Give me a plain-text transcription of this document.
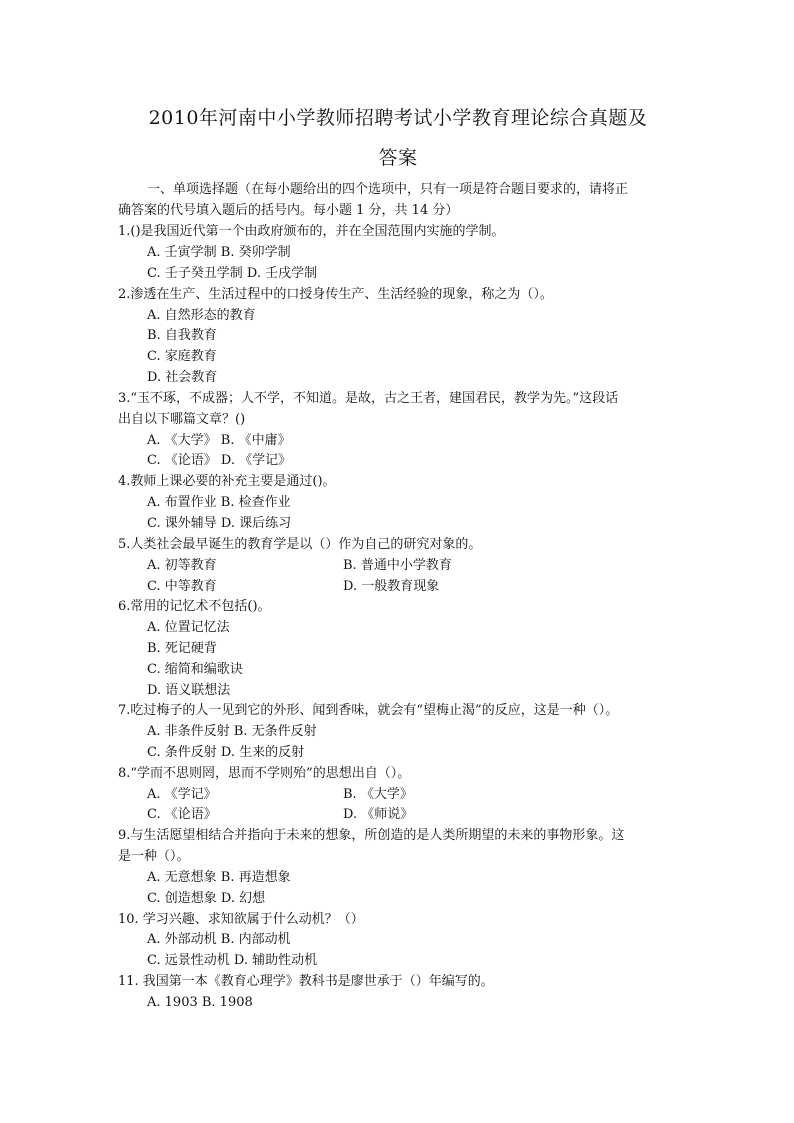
2010年河南中小学教师招聘考试小学教育理论综合真题及
答案
一、单项选择题（在每小题给出的四个选项中，只有一项是符合题目要求的，请将正
确答案的代号填入题后的括号内。每小题 1 分，共 14 分）
1.()是我国近代第一个由政府颁布的，并在全国范围内实施的学制。
A. 壬寅学制 B. 癸卯学制
C. 壬子癸丑学制 D. 壬戌学制
2.渗透在生产、生活过程中的口授身传生产、生活经验的现象，称之为（）。
A. 自然形态的教育
B. 自我教育
C. 家庭教育
D. 社会教育
3.“玉不琢，不成器；人不学，不知道。是故，古之王者，建国君民，教学为先。”这段话
出自以下哪篇文章？()
A. 《大学》 B. 《中庸》
C. 《论语》 D. 《学记》
4.教师上课必要的补充主要是通过()。
A. 布置作业 B. 检查作业
C. 课外辅导 D. 课后练习
5.人类社会最早诞生的教育学是以（）作为自己的研究对象的。
A. 初等教育	B. 普通中小学教育
C. 中等教育	D. 一般教育现象
6.常用的记忆术不包括()。
A. 位置记忆法
B. 死记硬背
C. 缩简和编歌诀
D. 语义联想法
7.吃过梅子的人一见到它的外形、闻到香味，就会有“望梅止渴”的反应，这是一种（）。
A. 非条件反射 B. 无条件反射
C. 条件反射 D. 生来的反射
8.“学而不思则罔，思而不学则殆”的思想出自（）。
A. 《学记》	B. 《大学》
C. 《论语》	D. 《师说》
9.与生活愿望相结合并指向于未来的想象，所创造的是人类所期望的未来的事物形象。这
是一种（）。
A. 无意想象 B. 再造想象
C. 创造想象 D. 幻想
10. 学习兴趣、求知欲属于什么动机？（）
A. 外部动机 B. 内部动机
C. 远景性动机 D. 辅助性动机
11. 我国第一本《教育心理学》教科书是廖世承于（）年编写的。
A. 1903 B. 1908
